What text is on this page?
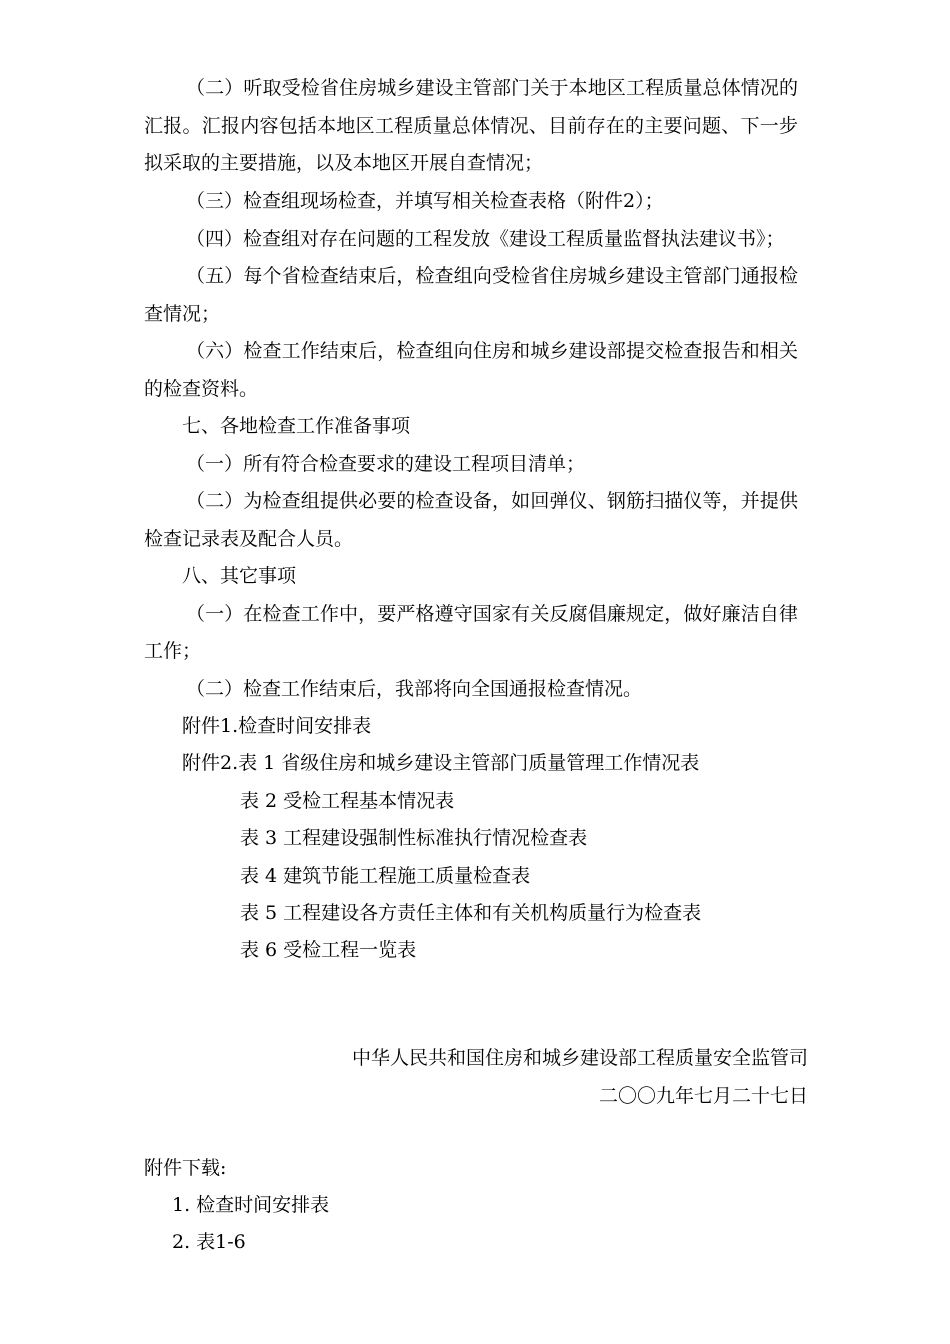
（二）听取受检省住房城乡建设主管部门关于本地区工程质量总体情况的
汇报。汇报内容包括本地区工程质量总体情况、目前存在的主要问题、下一步
拟采取的主要措施，以及本地区开展自查情况；
（三）检查组现场检查，并填写相关检查表格（附件2）；
（四）检查组对存在问题的工程发放《建设工程质量监督执法建议书》；
（五）每个省检查结束后，检查组向受检省住房城乡建设主管部门通报检
查情况；
（六）检查工作结束后，检查组向住房和城乡建设部提交检查报告和相关
的检查资料。
七、各地检查工作准备事项
（一）所有符合检查要求的建设工程项目清单；
（二）为检查组提供必要的检查设备，如回弹仪、钢筋扫描仪等，并提供
检查记录表及配合人员。
八、其它事项
（一）在检查工作中，要严格遵守国家有关反腐倡廉规定，做好廉洁自律
工作；
（二）检查工作结束后，我部将向全国通报检查情况。
附件1.检查时间安排表
附件2.表 1 省级住房和城乡建设主管部门质量管理工作情况表
表 2 受检工程基本情况表
表 3 工程建设强制性标准执行情况检查表
表 4 建筑节能工程施工质量检查表
表 5 工程建设各方责任主体和有关机构质量行为检查表
表 6 受检工程一览表
中华人民共和国住房和城乡建设部工程质量安全监管司
二〇〇九年七月二十七日
附件下载:
1. 检查时间安排表
2. 表1-6
